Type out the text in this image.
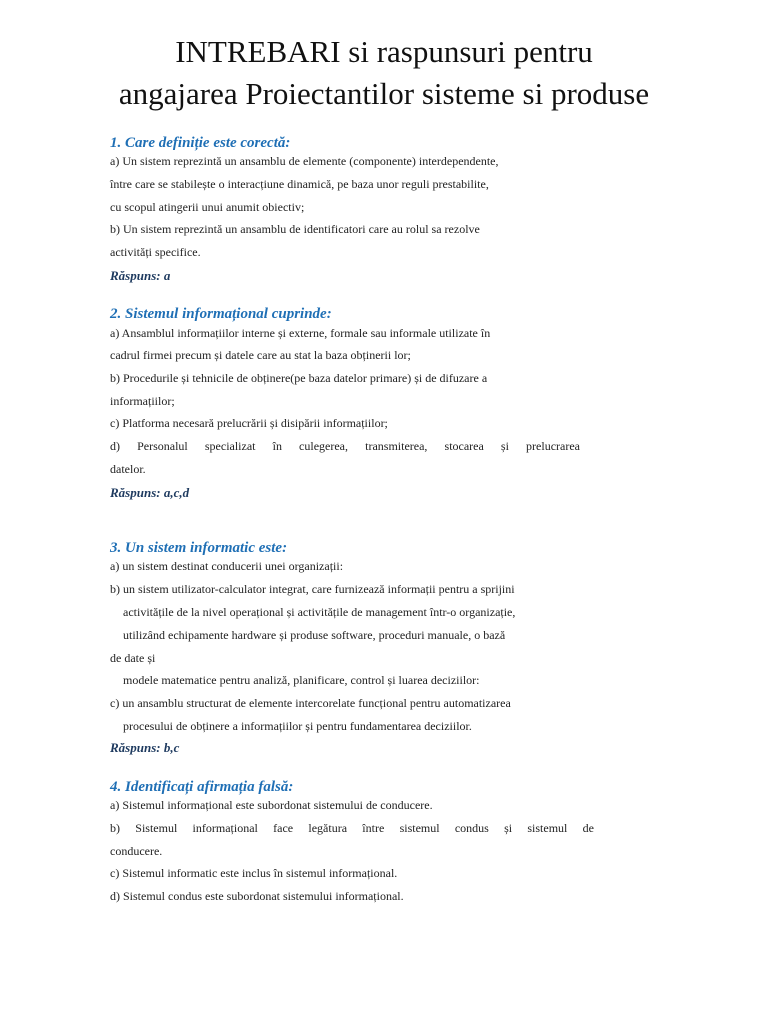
INTREBARI si raspunsuri pentru
angajarea Proiectantilor sisteme si produse
1. Care definiție este corectă:
a) Un sistem reprezintă un ansamblu de elemente (componente) interdependente,
între care se stabilește o interacțiune dinamică, pe baza unor reguli prestabilite,
cu scopul atingerii unui anumit obiectiv;
b) Un sistem reprezintă un ansamblu de identificatori care au rolul sa rezolve
activități specifice.
Răspuns: a
2. Sistemul informațional cuprinde:
a) Ansamblul informațiilor interne și externe, formale sau informale utilizate în
cadrul firmei precum și datele care au stat la baza obținerii lor;
b) Procedurile și tehnicile de obținere(pe baza datelor primare) și de difuzare a
informațiilor;
c) Platforma necesară prelucrării și disipării informațiilor;
d) Personalul specializat în culegerea, transmiterea, stocarea și prelucrarea
datelor.
Răspuns: a,c,d
3. Un sistem informatic este:
a) un sistem destinat conducerii unei organizații:
b) un sistem utilizator-calculator integrat, care furnizează informații pentru a sprijini
activitățile de la nivel operațional și activitățile de management într-o organizație,
utilizând echipamente hardware și produse software, proceduri manuale, o bază
de date și
modele matematice pentru analiză, planificare, control și luarea deciziilor:
c) un ansamblu structurat de elemente intercorelate funcțional pentru automatizarea
procesului de obținere a informațiilor și pentru fundamentarea deciziilor.
Răspuns: b,c
4. Identificați afirmația falsă:
a) Sistemul informațional este subordonat sistemului de conducere.
b) Sistemul informațional face legătura între sistemul condus și sistemul de
conducere.
c) Sistemul informatic este inclus în sistemul informațional.
d) Sistemul condus este subordonat sistemului informațional.
